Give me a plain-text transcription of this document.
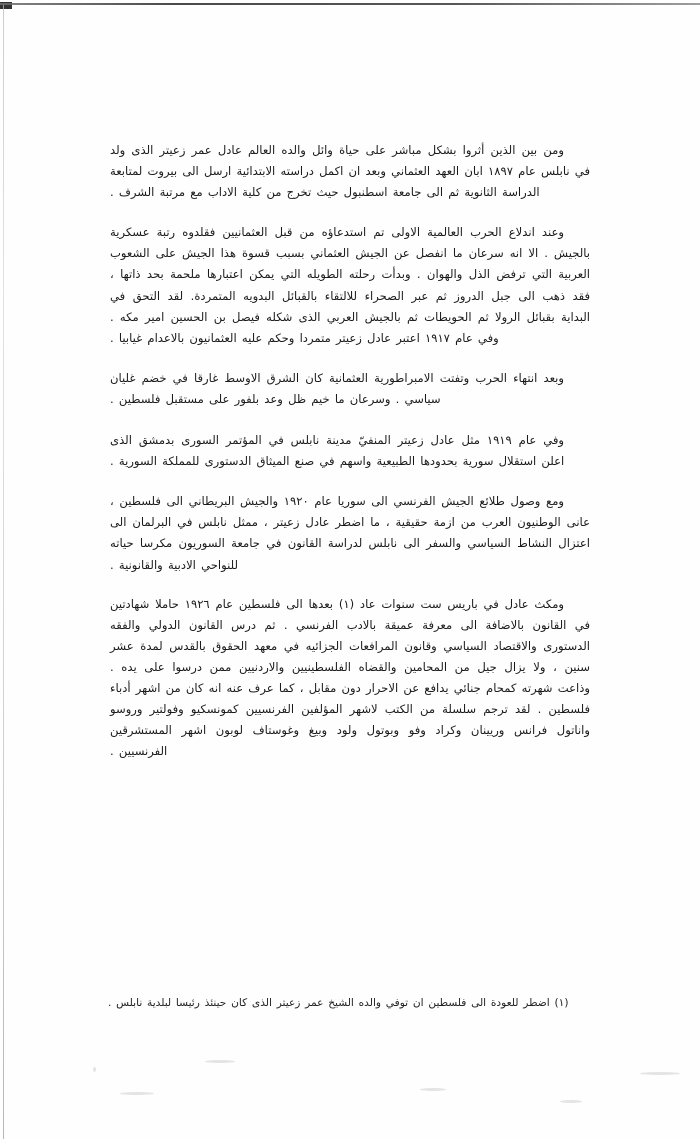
ومن بين الذين أثروا بشكل مباشر على حياة وائل والده العالم عادل عمر زعيتر الذى ولد في نابلس عام ١٨٩٧ ابان العهد العثماني وبعد ان اكمل دراسته الابتدائية ارسل الى بيروت لمتابعة الدراسة الثانوية ثم الى جامعة اسطنبول حيث تخرج من كلية الاداب مع مرتبة الشرف .

وعند اندلاع الحرب العالمية الاولى تم استدعاؤه من قبل العثمانيين فقلدوه رتبة عسكرية بالجيش . الا انه سرعان ما انفصل عن الجيش العثماني بسبب قسوة هذا الجيش على الشعوب العربية التي ترفض الذل والهوان . وبدأت رحلته الطويله التي يمكن اعتبارها ملحمة بحد ذاتها ، فقد ذهب الى جبل الدروز ثم عبر الصحراء للالتقاء بالقبائل البدويه المتمردة. لقد التحق في البداية بقبائل الرولا ثم الحويطات ثم بالجيش العربي الذى شكله فيصل بن الحسين امير مكه . وفي عام ١٩١٧ اعتبر عادل زعيتر متمردا وحكم عليه العثمانيون بالاعدام غيابيا .

وبعد انتهاء الحرب وتفتت الامبراطورية العثمانية كان الشرق الاوسط غارقا في خضم غليان سياسي . وسرعان ما خيم ظل وعد بلفور على مستقبل فلسطين .

وفي عام ١٩١٩ مثل عادل زعيتر المنفيّ مدينة نابلس في المؤتمر السورى بدمشق الذى اعلن استقلال سورية بحدودها الطبيعية واسهم في صنع الميثاق الدستورى للمملكة السورية .

ومع وصول طلائع الجيش الفرنسي الى سوريا عام ١٩٢٠ والجيش البريطاني الى فلسطين ، عانى الوطنيون العرب من ازمة حقيقية ، ما اضطر عادل زعيتر ، ممثل نابلس في البرلمان الى اعتزال النشاط السياسي والسفر الى نابلس لدراسة القانون في جامعة السوريون مكرسا حياته للنواحي الادبية والقانونية .

ومكث عادل في باريس ست سنوات عاد (١) بعدها الى فلسطين عام ١٩٢٦ حاملا شهادتين في القانون بالاضافة الى معرفة عميقة بالادب الفرنسي . ثم درس القانون الدولي والفقه الدستورى والاقتصاد السياسي وقانون المرافعات الجزائيه في معهد الحقوق بالقدس لمدة عشر سنين ، ولا يزال جيل من المحامين والقضاه الفلسطينيين والاردنيين ممن درسوا على يده . وذاعت شهرته كمحام جنائي يدافع عن الاحرار دون مقابل ، كما عرف عنه انه كان من اشهر أدباء فلسطين . لقد ترجم سلسلة من الكتب لاشهر المؤلفين الفرنسيين كمونسكيو وفولتير وروسو واناتول فرانس وريينان وكراد وفو وبوتول ولود وبيغ وغوستاف لوبون اشهر المستشرقين الفرنسيين .

(١) اضطر للعودة الى فلسطين ان توفي والده الشيخ عمر زعيتر الذى كان حينئذ رئيسا لبلدية نابلس .
